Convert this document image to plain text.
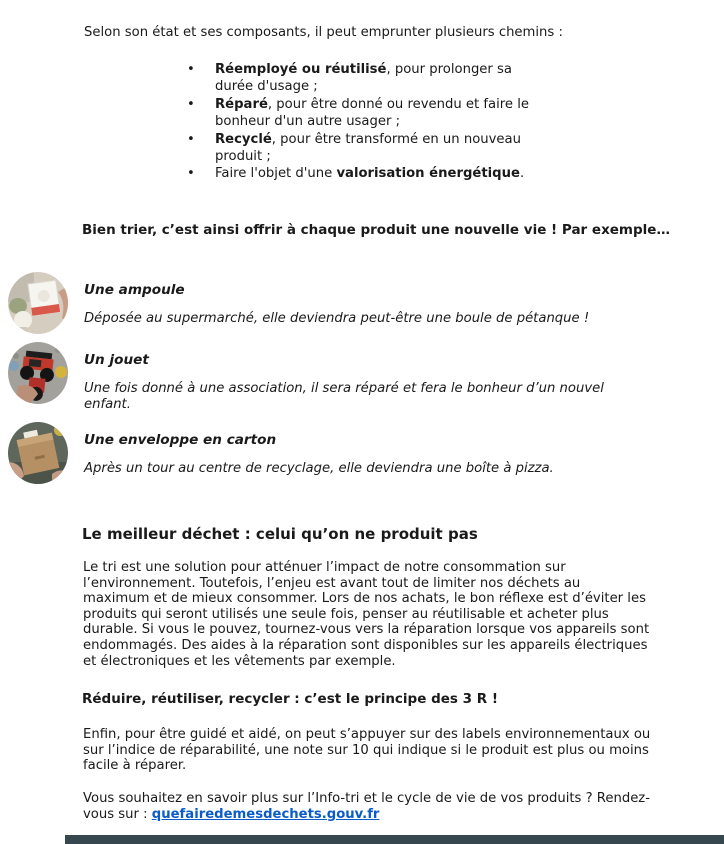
Selon son état et ses composants, il peut emprunter plusieurs chemins :

• Réemployé ou réutilisé, pour prolonger sa
durée d'usage ;
• Réparé, pour être donné ou revendu et faire le
bonheur d'un autre usager ;
• Recyclé, pour être transformé en un nouveau
produit ;
• Faire l'objet d'une valorisation énergétique.

Bien trier, c’est ainsi offrir à chaque produit une nouvelle vie ! Par exemple…

Une ampoule
Déposée au supermarché, elle deviendra peut-être une boule de pétanque !
Un jouet
Une fois donné à une association, il sera réparé et fera le bonheur d’un nouvel
enfant.
Une enveloppe en carton
Après un tour au centre de recyclage, elle deviendra une boîte à pizza.
Le meilleur déchet : celui qu’on ne produit pas
Le tri est une solution pour atténuer l’impact de notre consommation sur
l’environnement. Toutefois, l’enjeu est avant tout de limiter nos déchets au
maximum et de mieux consommer. Lors de nos achats, le bon réflexe est d’éviter les
produits qui seront utilisés une seule fois, penser au réutilisable et acheter plus
durable. Si vous le pouvez, tournez-vous vers la réparation lorsque vos appareils sont
endommagés. Des aides à la réparation sont disponibles sur les appareils électriques
et électroniques et les vêtements par exemple.
Réduire, réutiliser, recycler : c’est le principe des 3 R !
Enfin, pour être guidé et aidé, on peut s’appuyer sur des labels environnementaux ou
sur l’indice de réparabilité, une note sur 10 qui indique si le produit est plus ou moins
facile à réparer.
Vous souhaitez en savoir plus sur l’Info-tri et le cycle de vie de vos produits ? Rendez-
vous sur : quefairedemesdechets.gouv.fr
